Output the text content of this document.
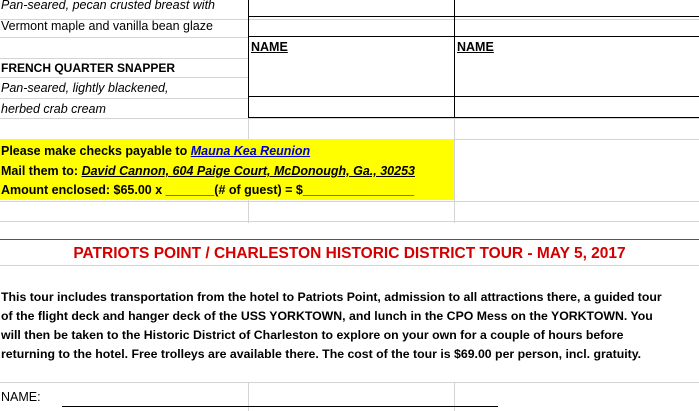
Pan-seared, pecan crusted breast with
Vermont maple and vanilla bean glaze
NAME	NAME
FRENCH QUARTER SNAPPER
Pan-seared, lightly blackened,
herbed crab cream
Please make checks payable to Mauna Kea Reunion
Mail them to: David Cannon, 604 Paige Court, McDonough, Ga., 30253
Amount enclosed: $65.00 x _______(# of guest) = $________________
PATRIOTS POINT / CHARLESTON HISTORIC DISTRICT TOUR - MAY 5, 2017
This tour includes transportation from the hotel to Patriots Point, admission to all attractions there, a guided tour
of the flight deck and hanger deck of the USS YORKTOWN, and lunch in the CPO Mess on the YORKTOWN. You
will then be taken to the Historic District of Charleston to explore on your own for a couple of hours before
returning to the hotel. Free trolleys are available there. The cost of the tour is $69.00 per person, incl. gratuity.
NAME:
